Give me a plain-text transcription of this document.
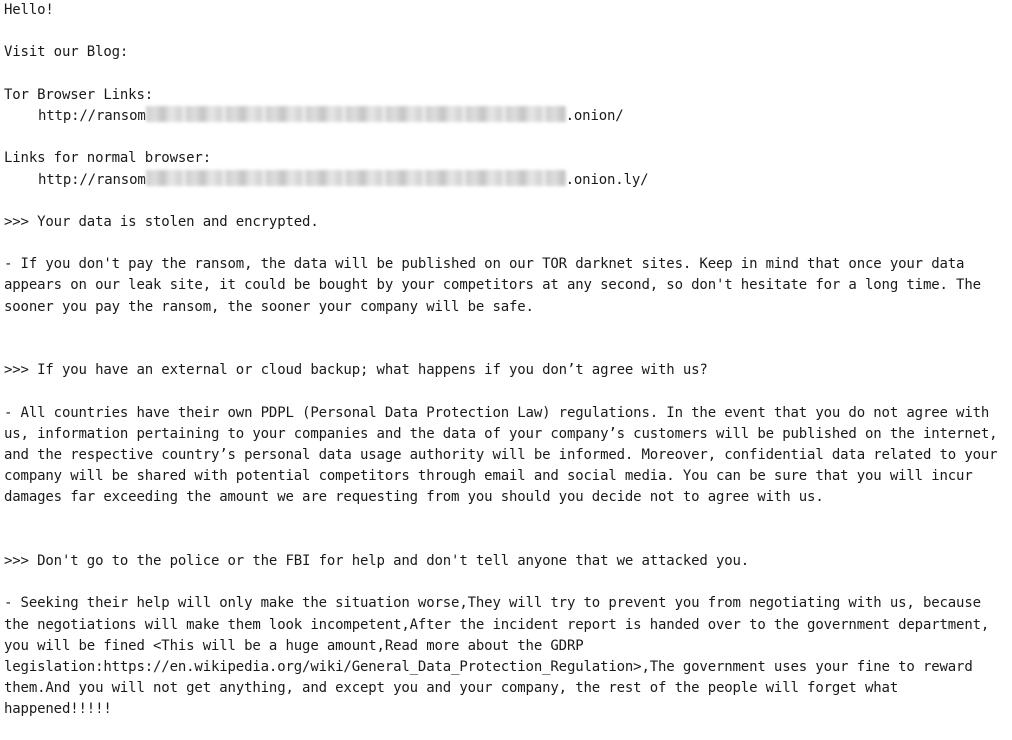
Hello!
Visit our Blog:
Tor Browser Links:
http://ransom	.onion/
Links for normal browser:
http://ransom	.onion.ly/
>>> Your data is stolen and encrypted.
- If you don't pay the ransom, the data will be published on our TOR darknet sites. Keep in mind that once your data appears on our leak site, it could be bought by your competitors at any second, so don't hesitate for a long time. The sooner you pay the ransom, the sooner your company will be safe.
>>> If you have an external or cloud backup; what happens if you don’t agree with us?
- All countries have their own PDPL (Personal Data Protection Law) regulations. In the event that you do not agree with us, information pertaining to your companies and the data of your company’s customers will be published on the internet, and the respective country’s personal data usage authority will be informed. Moreover, confidential data related to your company will be shared with potential competitors through email and social media. You can be sure that you will incur damages far exceeding the amount we are requesting from you should you decide not to agree with us.
>>> Don't go to the police or the FBI for help and don't tell anyone that we attacked you.
- Seeking their help will only make the situation worse,They will try to prevent you from negotiating with us, because the negotiations will make them look incompetent,After the incident report is handed over to the government department, you will be fined <This will be a huge amount,Read more about the GDRP legislation:https://en.wikipedia.org/wiki/General_Data_Protection_Regulation>,The government uses your fine to reward them.And you will not get anything, and except you and your company, the rest of the people will forget what happened!!!!!
